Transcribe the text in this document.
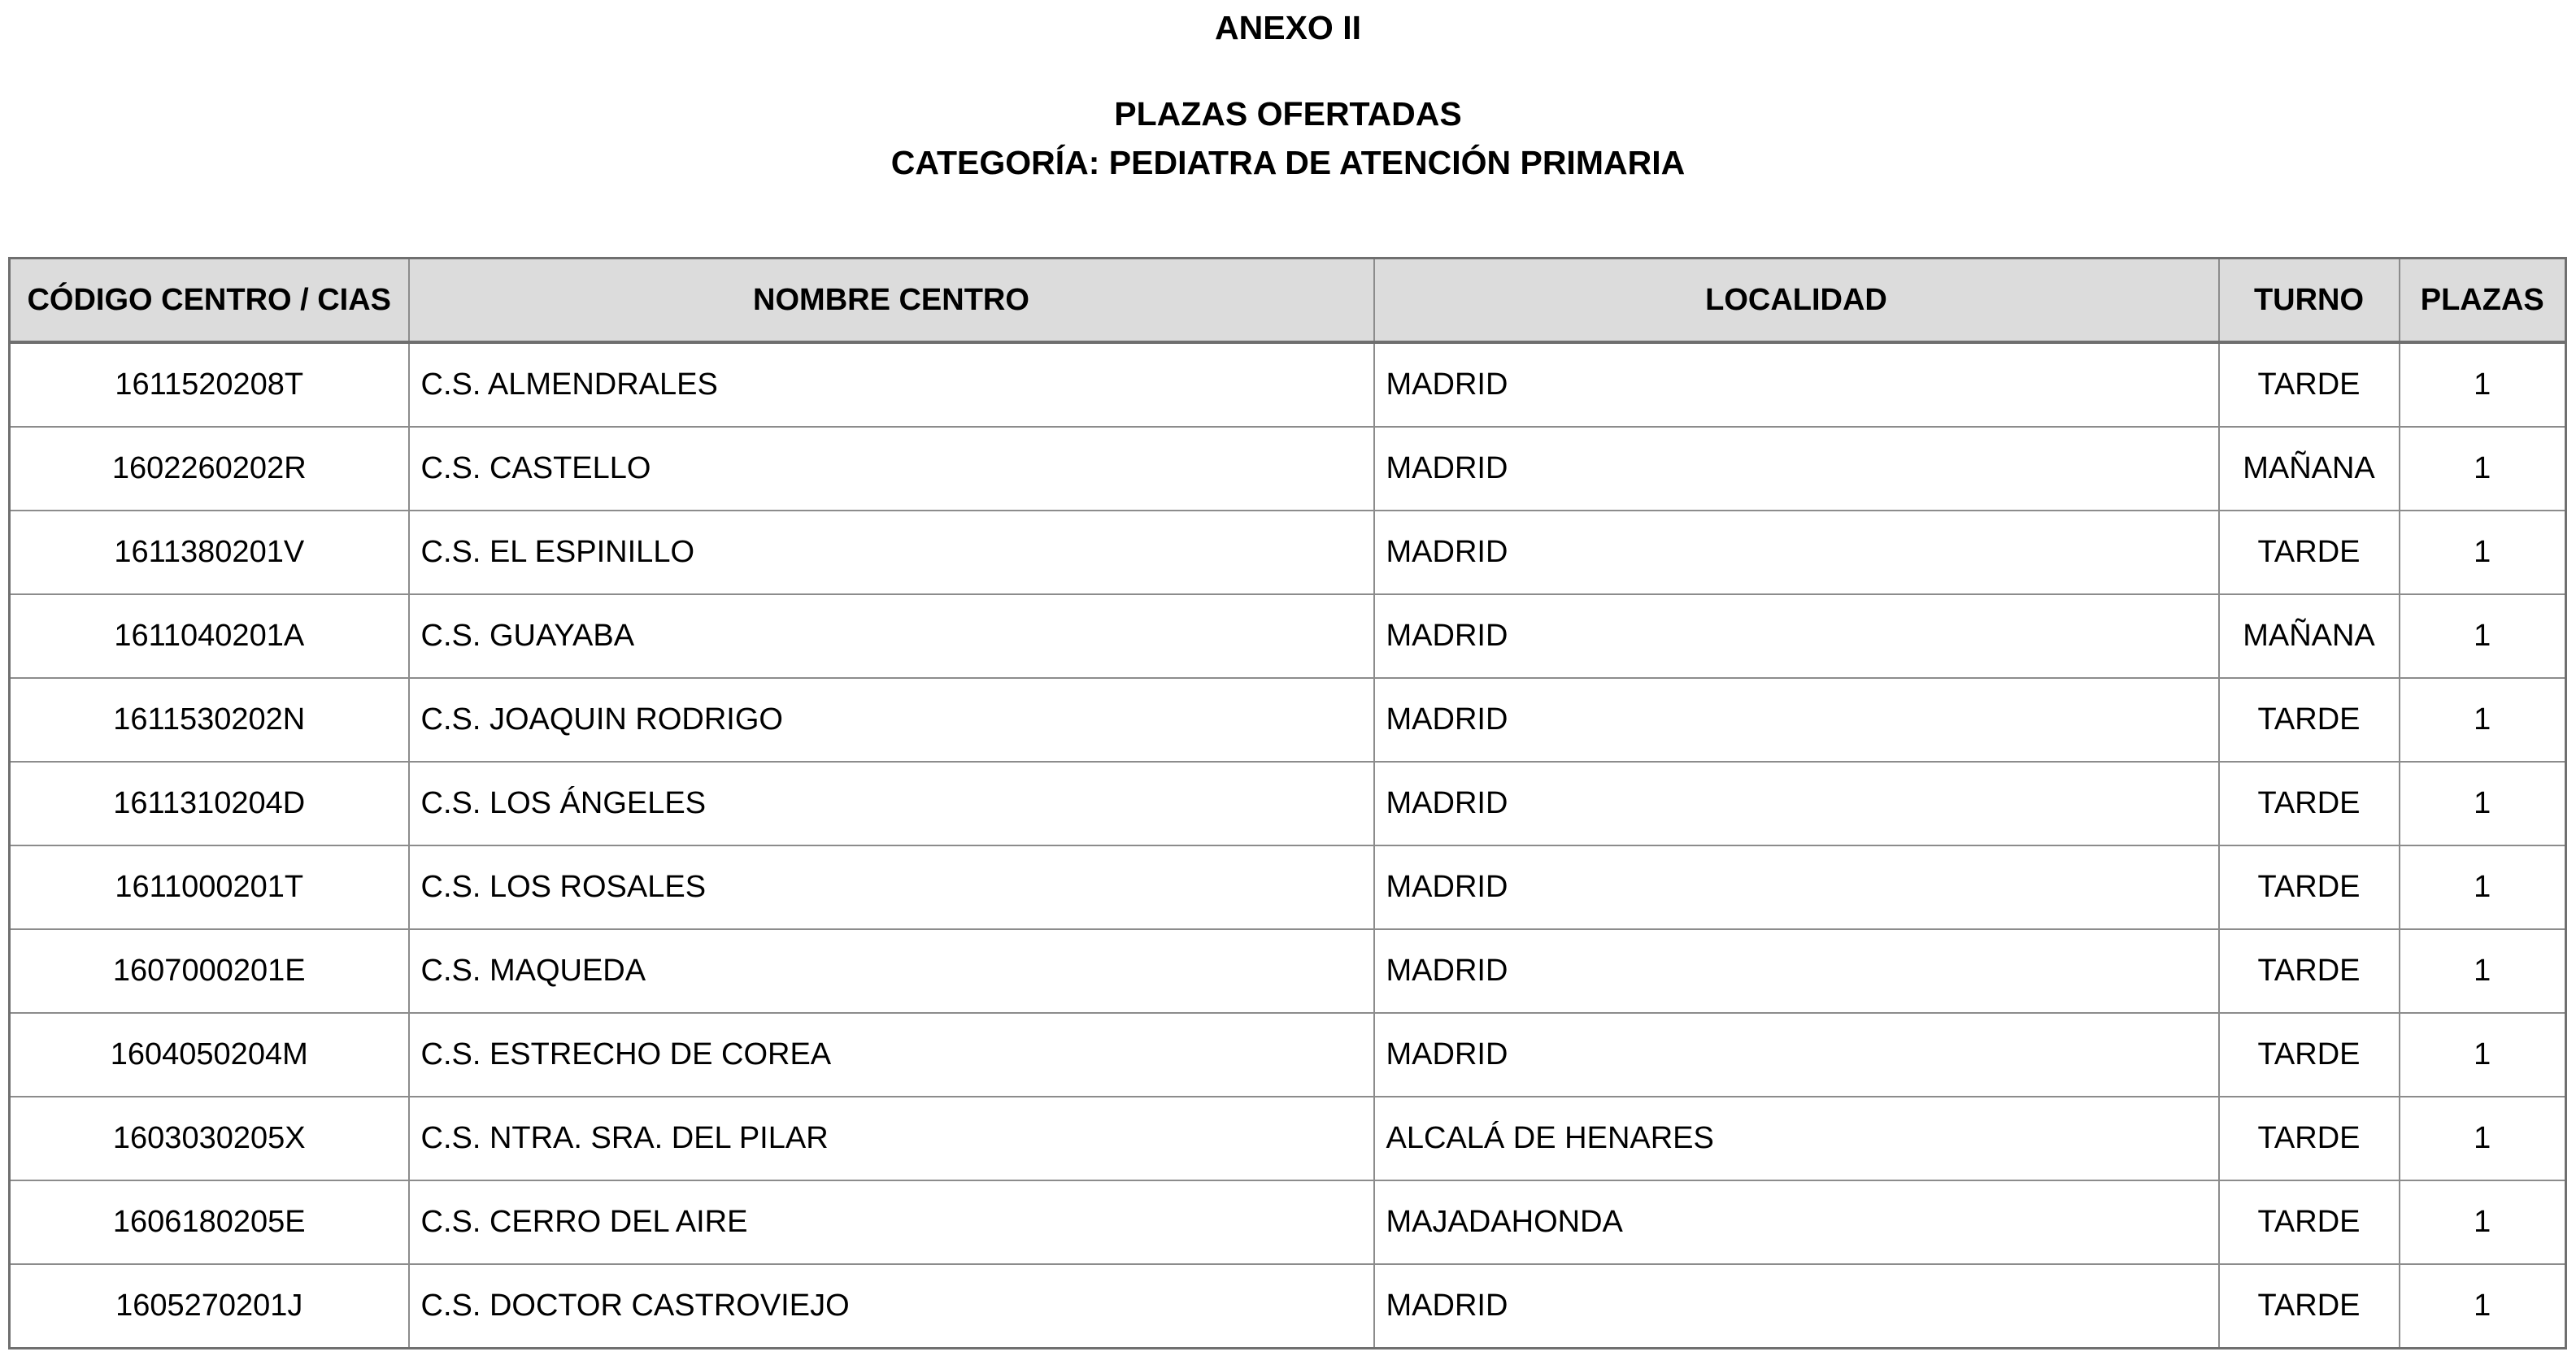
ANEXO II
PLAZAS OFERTADAS
CATEGORÍA: PEDIATRA DE ATENCIÓN PRIMARIA
CÓDIGO CENTRO / CIAS	NOMBRE CENTRO	LOCALIDAD	TURNO	PLAZAS
1611520208T	C.S. ALMENDRALES	MADRID	TARDE	1
1602260202R	C.S. CASTELLO	MADRID	MAÑANA	1
1611380201V	C.S. EL ESPINILLO	MADRID	TARDE	1
1611040201A	C.S. GUAYABA	MADRID	MAÑANA	1
1611530202N	C.S. JOAQUIN RODRIGO	MADRID	TARDE	1
1611310204D	C.S. LOS ÁNGELES	MADRID	TARDE	1
1611000201T	C.S. LOS ROSALES	MADRID	TARDE	1
1607000201E	C.S. MAQUEDA	MADRID	TARDE	1
1604050204M	C.S. ESTRECHO DE COREA	MADRID	TARDE	1
1603030205X	C.S. NTRA. SRA. DEL PILAR	ALCALÁ DE HENARES	TARDE	1
1606180205E	C.S. CERRO DEL AIRE	MAJADAHONDA	TARDE	1
1605270201J	C.S. DOCTOR CASTROVIEJO	MADRID	TARDE	1
